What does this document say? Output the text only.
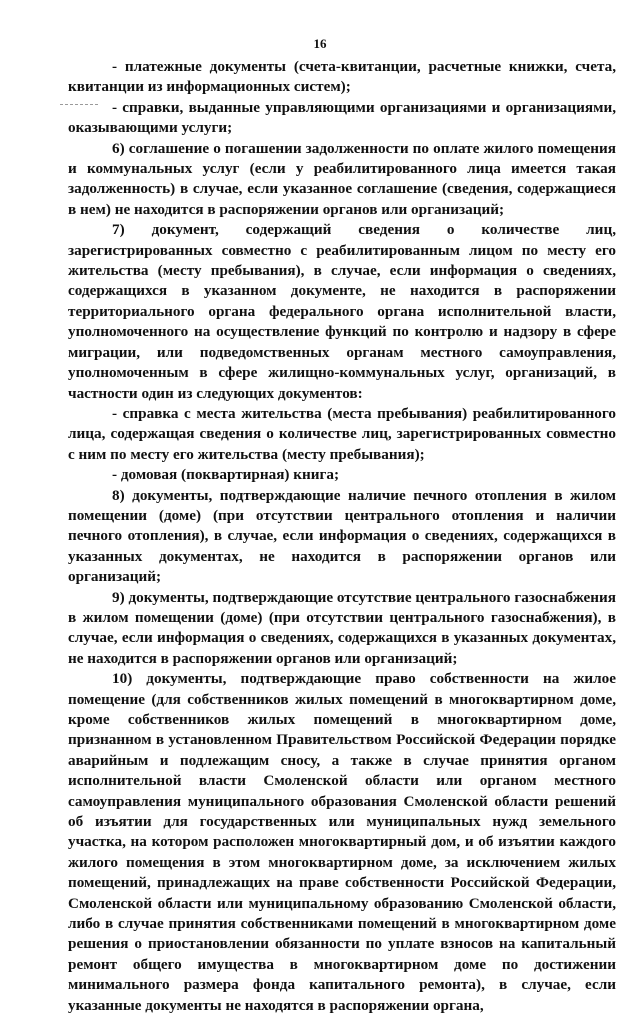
16

- платежные документы (счета-квитанции, расчетные книжки, счета, квитанции из информационных систем);

- справки, выданные управляющими организациями и организациями, оказывающими услуги;

6) соглашение о погашении задолженности по оплате жилого помещения и коммунальных услуг (если у реабилитированного лица имеется такая задолженность) в случае, если указанное соглашение (сведения, содержащиеся в нем) не находится в распоряжении органов или организаций;

7) документ, содержащий сведения о количестве лиц, зарегистрированных совместно с реабилитированным лицом по месту его жительства (месту пребывания), в случае, если информация о сведениях, содержащихся в указанном документе, не находится в распоряжении территориального органа федерального органа исполнительной власти, уполномоченного на осуществление функций по контролю и надзору в сфере миграции, или подведомственных органам местного самоуправления, уполномоченным в сфере жилищно-коммунальных услуг, организаций, в частности один из следующих документов:

- справка с места жительства (места пребывания) реабилитированного лица, содержащая сведения о количестве лиц, зарегистрированных совместно с ним по месту его жительства (месту пребывания);

- домовая (поквартирная) книга;

8) документы, подтверждающие наличие печного отопления в жилом помещении (доме) (при отсутствии центрального отопления и наличии печного отопления), в случае, если информация о сведениях, содержащихся в указанных документах, не находится в распоряжении органов или организаций;

9) документы, подтверждающие отсутствие центрального газоснабжения в жилом помещении (доме) (при отсутствии центрального газоснабжения), в случае, если информация о сведениях, содержащихся в указанных документах, не находится в распоряжении органов или организаций;

10) документы, подтверждающие право собственности на жилое помещение (для собственников жилых помещений в многоквартирном доме, кроме собственников жилых помещений в многоквартирном доме, признанном в установленном Правительством Российской Федерации порядке аварийным и подлежащим сносу, а также в случае принятия органом исполнительной власти Смоленской области или органом местного самоуправления муниципального образования Смоленской области решений об изъятии для государственных или муниципальных нужд земельного участка, на котором расположен многоквартирный дом, и об изъятии каждого жилого помещения в этом многоквартирном доме, за исключением жилых помещений, принадлежащих на праве собственности Российской Федерации, Смоленской области или муниципальному образованию Смоленской области, либо в случае принятия собственниками помещений в многоквартирном доме решения о приостановлении обязанности по уплате взносов на капитальный ремонт общего имущества в многоквартирном доме по достижении минимального размера фонда капитального ремонта), в случае, если указанные документы не находятся в распоряжении органа,
